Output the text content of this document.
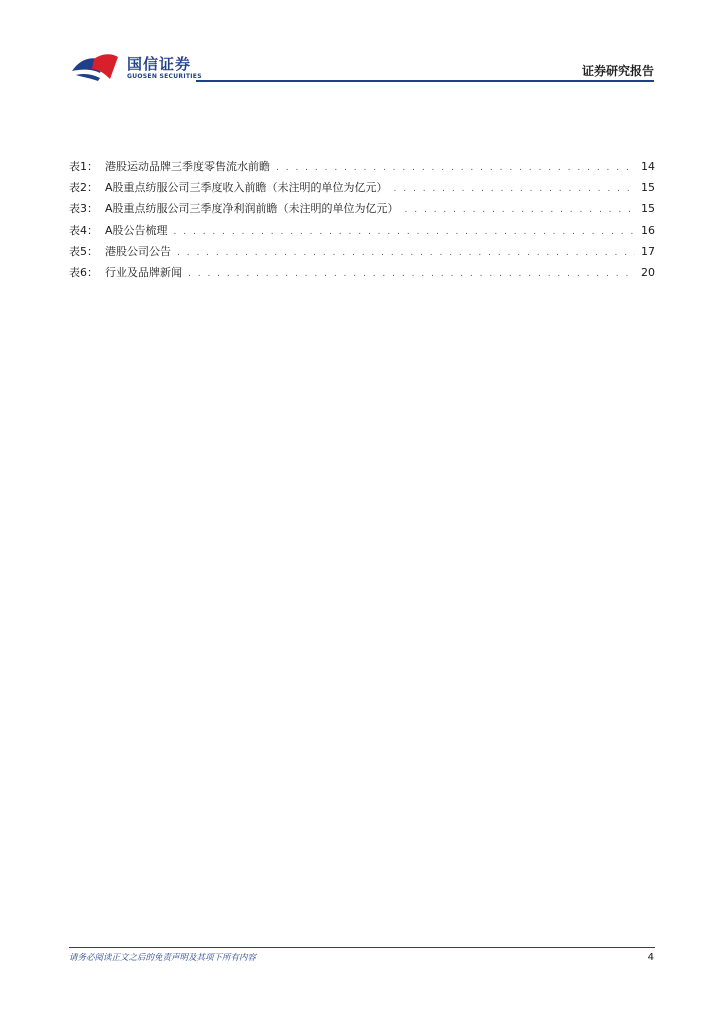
国信证券
GUOSEN SECURITIES	证券研究报告
表1： 港股运动品牌三季度零售流水前瞻 . . .	14
表2： A股重点纺服公司三季度收入前瞻（未注明的单位为亿元） . . .	15
表3： A股重点纺服公司三季度净利润前瞻（未注明的单位为亿元） . . .	15
表4： A股公告梳理 . . .	16
表5： 港股公司公告 . . .	17
表6： 行业及品牌新闻 . . .	20
请务必阅读正文之后的免责声明及其项下所有内容	4
